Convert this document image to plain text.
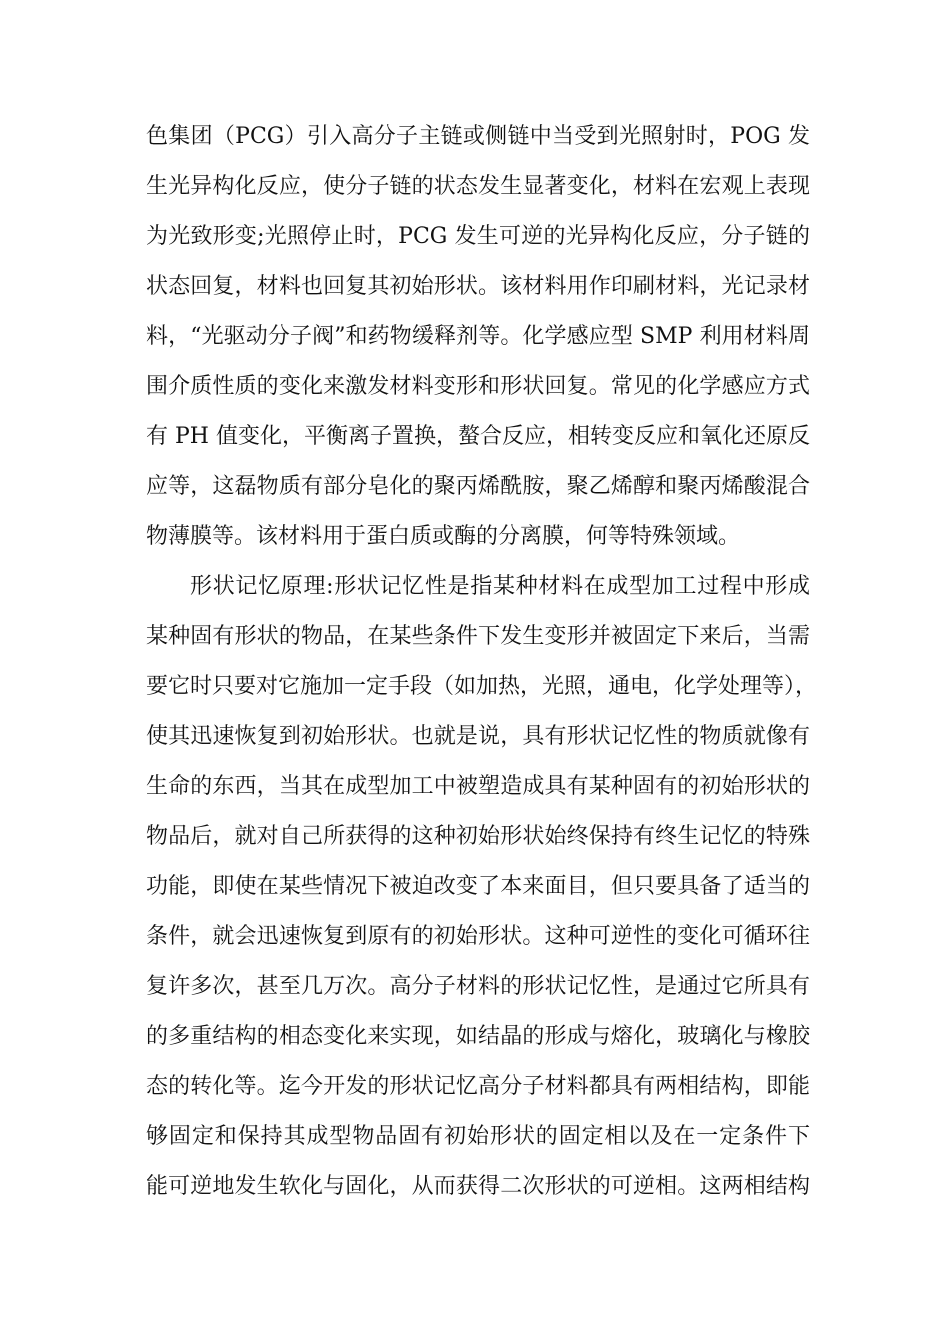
色集团（PCG）引入高分子主链或侧链中当受到光照射时，POG 发
生光异构化反应，使分子链的状态发生显著变化，材料在宏观上表现
为光致形变;光照停止时，PCG 发生可逆的光异构化反应，分子链的
状态回复，材料也回复其初始形状。该材料用作印刷材料，光记录材
料，“光驱动分子阀”和药物缓释剂等。化学感应型 SMP 利用材料周
围介质性质的变化来激发材料变形和形状回复。常见的化学感应方式
有 PH 值变化，平衡离子置换，螯合反应，相转变反应和氧化还原反
应等，这磊物质有部分皂化的聚丙烯酰胺，聚乙烯醇和聚丙烯酸混合
物薄膜等。该材料用于蛋白质或酶的分离膜，何等特殊领域。
形状记忆原理:形状记忆性是指某种材料在成型加工过程中形成
某种固有形状的物品，在某些条件下发生变形并被固定下来后，当需
要它时只要对它施加一定手段（如加热，光照，通电，化学处理等），
使其迅速恢复到初始形状。也就是说，具有形状记忆性的物质就像有
生命的东西，当其在成型加工中被塑造成具有某种固有的初始形状的
物品后，就对自己所获得的这种初始形状始终保持有终生记忆的特殊
功能，即使在某些情况下被迫改变了本来面目，但只要具备了适当的
条件，就会迅速恢复到原有的初始形状。这种可逆性的变化可循环往
复许多次，甚至几万次。高分子材料的形状记忆性，是通过它所具有
的多重结构的相态变化来实现，如结晶的形成与熔化，玻璃化与橡胶
态的转化等。迄今开发的形状记忆高分子材料都具有两相结构，即能
够固定和保持其成型物品固有初始形状的固定相以及在一定条件下
能可逆地发生软化与固化，从而获得二次形状的可逆相。这两相结构
